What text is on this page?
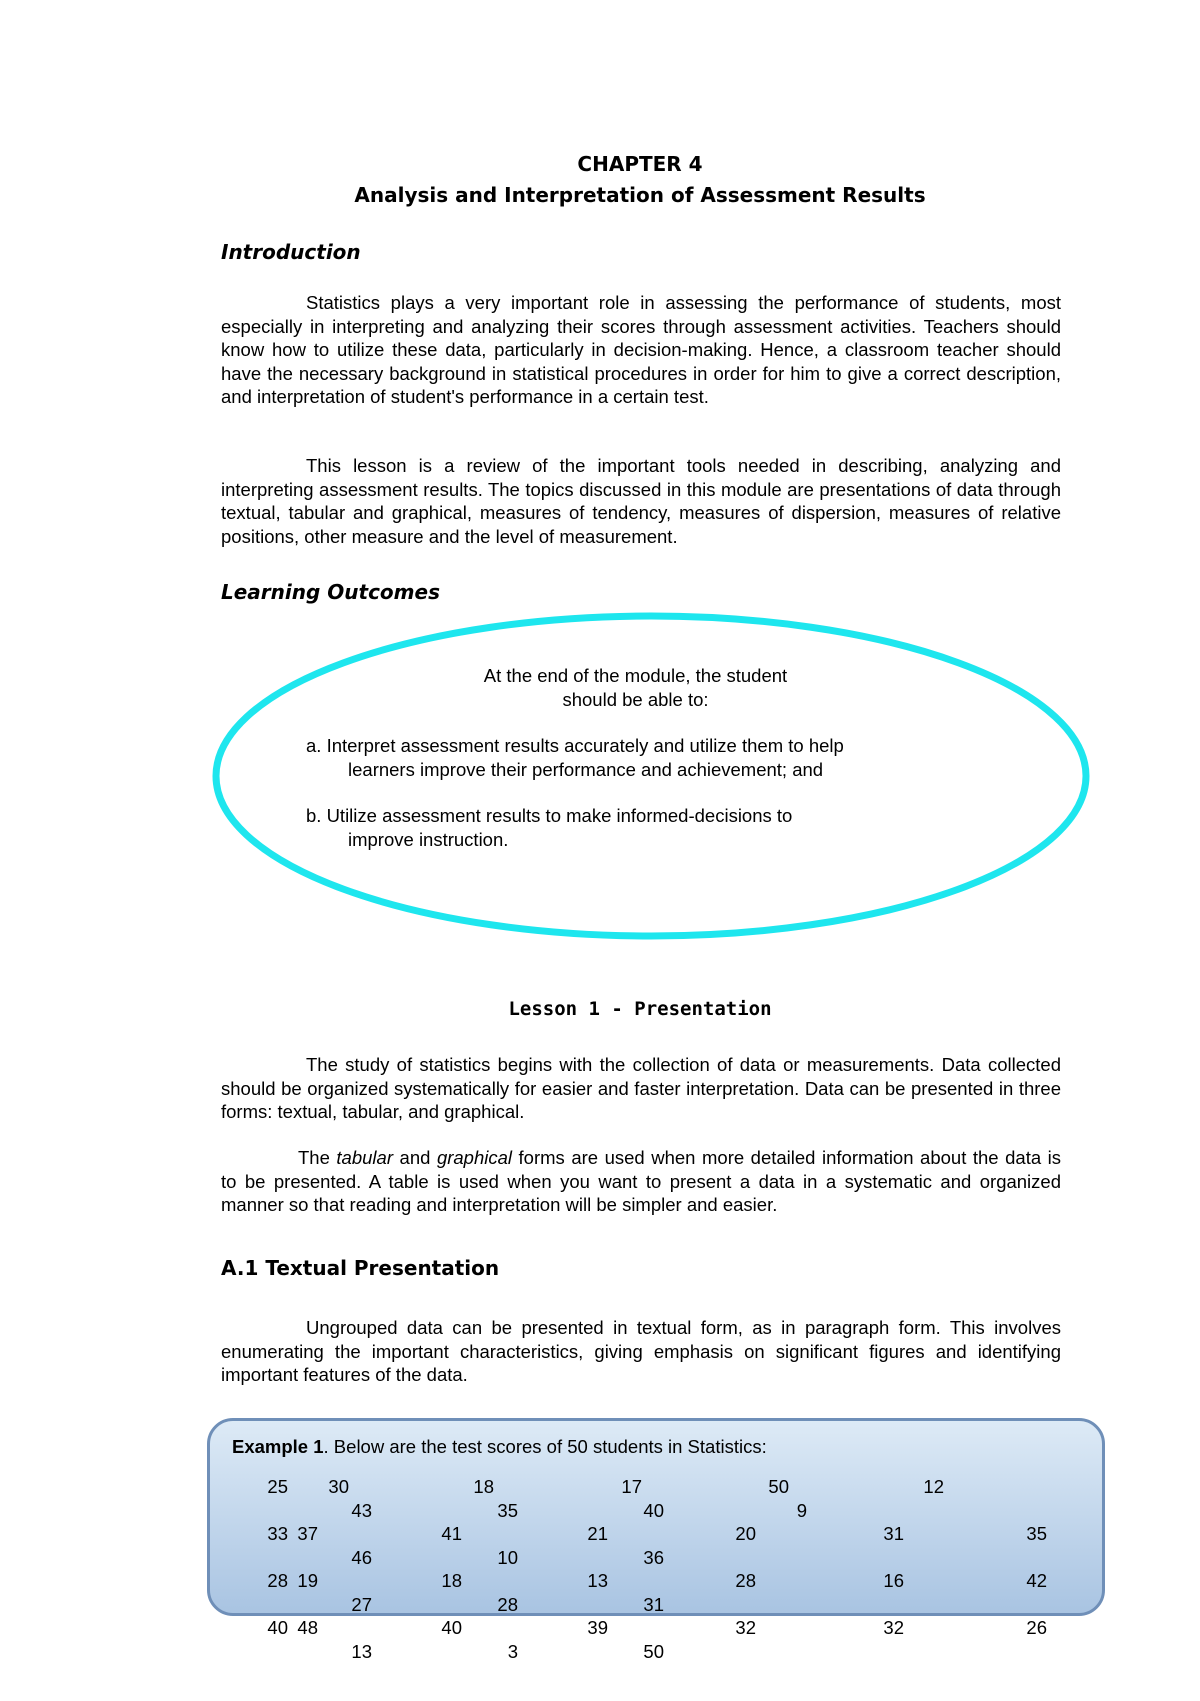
CHAPTER 4
Analysis and Interpretation of Assessment Results
Introduction

Statistics plays a very important role in assessing the performance of students, most especially in interpreting and analyzing their scores through assessment activities. Teachers should know how to utilize these data, particularly in decision-making. Hence, a classroom teacher should have the necessary background in statistical procedures in order for him to give a correct description, and interpretation of student's performance in a certain test.

This lesson is a review of the important tools needed in describing, analyzing and interpreting assessment results. The topics discussed in this module are presentations of data through textual, tabular and graphical, measures of tendency, measures of dispersion, measures of relative positions, other measure and the level of measurement.

Learning Outcomes
At the end of the module, the student
should be able to:
a. Interpret assessment results accurately and utilize them to help
learners improve their performance and achievement; and
b. Utilize assessment results to make informed-decisions to
improve instruction.
Lesson 1 - Presentation

The study of statistics begins with the collection of data or measurements. Data collected should be organized systematically for easier and faster interpretation. Data can be presented in three forms: textual, tabular, and graphical.

The tabular and graphical forms are used when more detailed information about the data is to be presented. A table is used when you want to present a data in a systematic and organized manner so that reading and interpretation will be simpler and easier.

A.1 Textual Presentation

Ungrouped data can be presented in textual form, as in paragraph form. This involves enumerating the important characteristics, giving emphasis on significant figures and identifying important features of the data.

Example 1. Below are the test scores of 50 students in Statistics:
25	30	18	17	50	12
43	35	40	9
33 37	41	21	20	31	35
46	10	36
28 19	18	13	28	16	42
27	28	31
40 48	40	39	32	32	26
13	3	50
